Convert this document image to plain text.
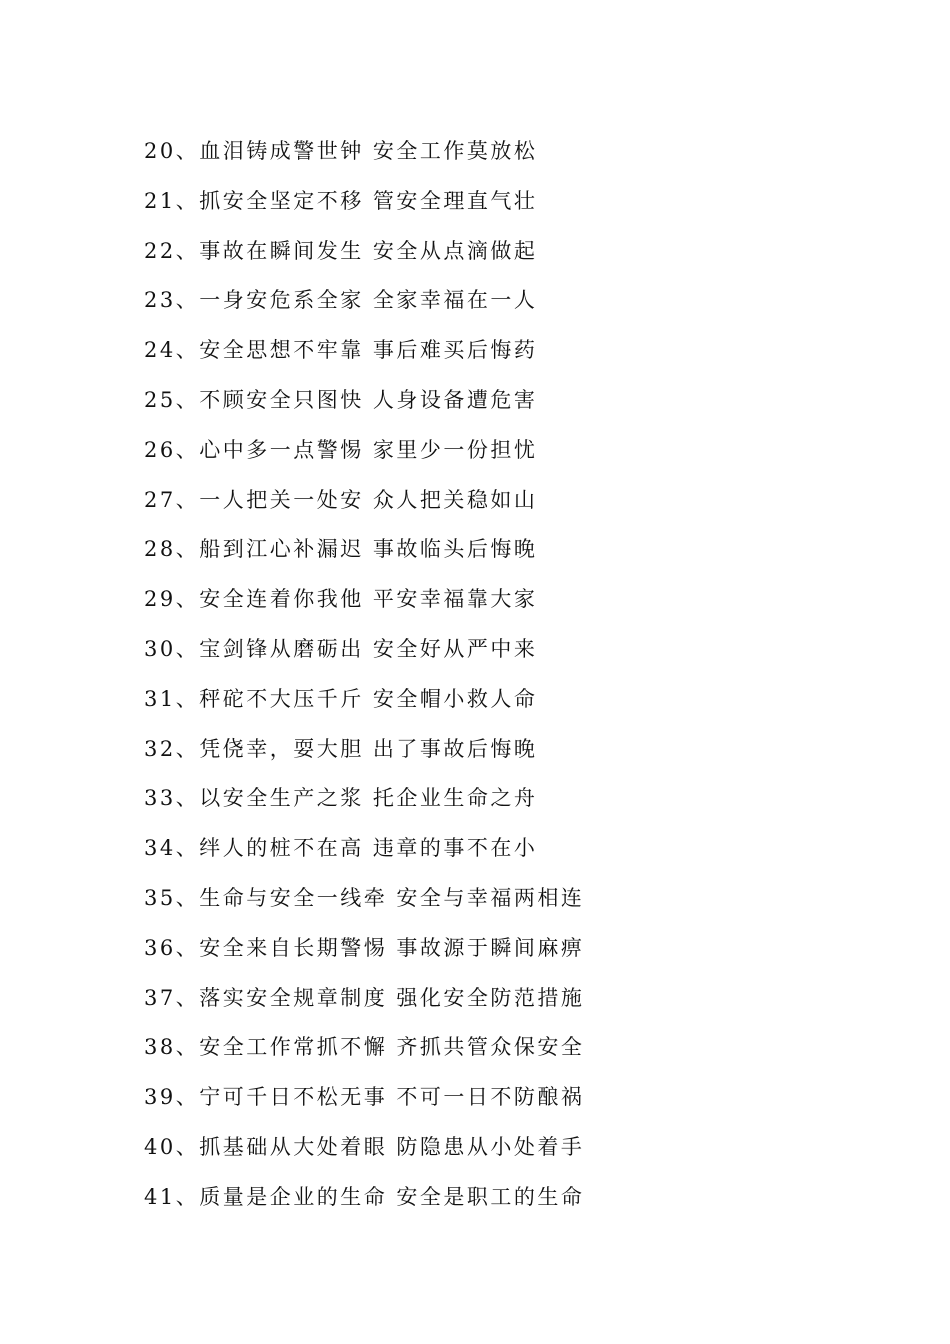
20、血泪铸成警世钟 安全工作莫放松
21、抓安全坚定不移 管安全理直气壮
22、事故在瞬间发生 安全从点滴做起
23、一身安危系全家 全家幸福在一人
24、安全思想不牢靠 事后难买后悔药
25、不顾安全只图快 人身设备遭危害
26、心中多一点警惕 家里少一份担忧
27、一人把关一处安 众人把关稳如山
28、船到江心补漏迟 事故临头后悔晚
29、安全连着你我他 平安幸福靠大家
30、宝剑锋从磨砺出 安全好从严中来
31、秤砣不大压千斤 安全帽小救人命
32、凭侥幸，耍大胆 出了事故后悔晚
33、以安全生产之浆 托企业生命之舟
34、绊人的桩不在高 违章的事不在小
35、生命与安全一线牵 安全与幸福两相连
36、安全来自长期警惕 事故源于瞬间麻痹
37、落实安全规章制度 强化安全防范措施
38、安全工作常抓不懈 齐抓共管众保安全
39、宁可千日不松无事 不可一日不防酿祸
40、抓基础从大处着眼 防隐患从小处着手
41、质量是企业的生命 安全是职工的生命
